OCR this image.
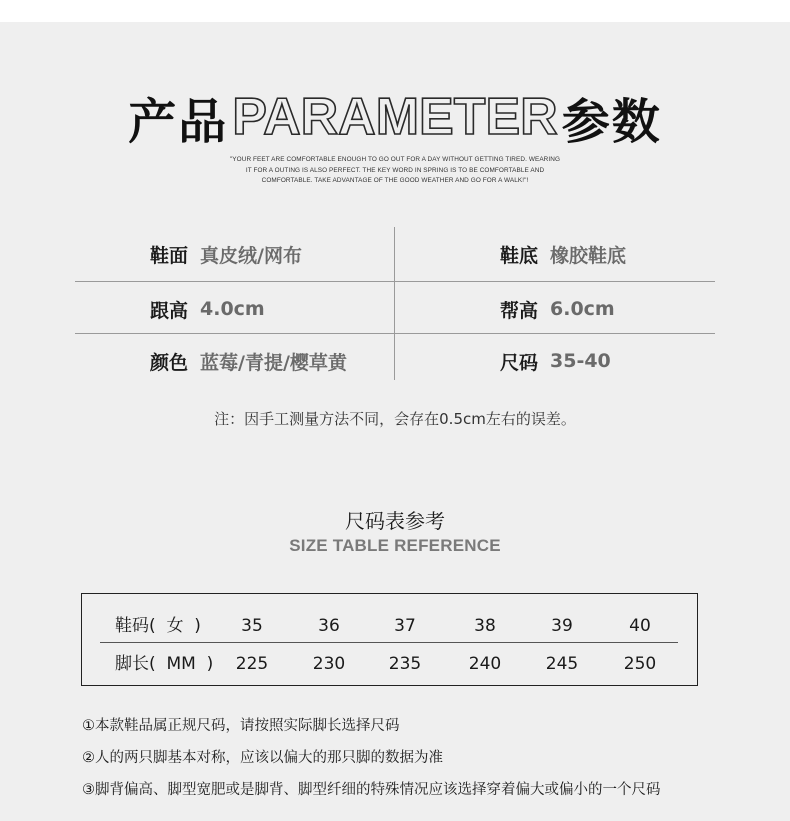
产品 PARAMETER 参数
"YOUR FEET ARE COMFORTABLE ENOUGH TO GO OUT FOR A DAY WITHOUT GETTING TIRED. WEARING
IT FOR A OUTING IS ALSO PERFECT. THE KEY WORD IN SPRING IS TO BE COMFORTABLE AND
COMFORTABLE. TAKE ADVANTAGE OF THE GOOD WEATHER AND GO FOR A WALK!"!
鞋面 真皮绒/网布	鞋底 橡胶鞋底
跟高 4.0cm	帮高 6.0cm
颜色 蓝莓/青提/樱草黄	尺码 35-40
注：因手工测量方法不同，会存在0.5cm左右的误差。
尺码表参考
SIZE TABLE REFERENCE
鞋码(  女  )	35	36	37	38	39	40
脚长(  MM  )	225	230	235	240	245	250
①本款鞋品属正规尺码，请按照实际脚长选择尺码
②人的两只脚基本对称，应该以偏大的那只脚的数据为准
③脚背偏高、脚型宽肥或是脚背、脚型纤细的特殊情况应该选择穿着偏大或偏小的一个尺码
